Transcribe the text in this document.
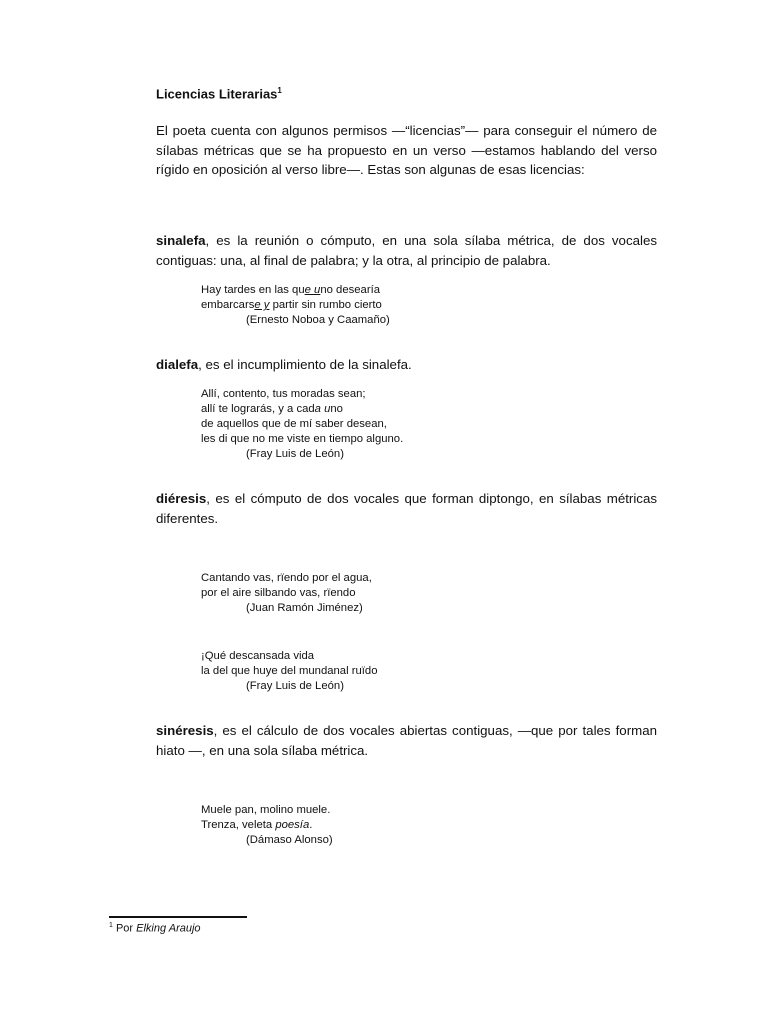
Licencias Literarias$^1$

El poeta cuenta con algunos permisos —“licencias”— para conseguir el número de sílabas métricas que se ha propuesto en un verso —estamos hablando del verso rígido en oposición al verso libre—. Estas son algunas de esas licencias:

sinalefa, es la reunión o cómputo, en una sola sílaba métrica, de dos vocales contiguas: una, al final de palabra; y la otra, al principio de palabra.

Hay tardes en las que uno desearía
embarcarse y partir sin rumbo cierto
(Ernesto Noboa y Caamaño)

dialefa, es el incumplimiento de la sinalefa.

Allí, contento, tus moradas sean;
allí te lograrás, y a cada uno
de aquellos que de mí saber desean,
les di que no me viste en tiempo alguno.
(Fray Luis de León)

diéresis, es el cómputo de dos vocales que forman diptongo, en sílabas métricas diferentes.

Cantando vas, rïendo por el agua,
por el aire silbando vas, rïendo
(Juan Ramón Jiménez)
¡Qué descansada vida
la del que huye del mundanal ruïdo
(Fray Luis de León)

sinéresis, es el cálculo de dos vocales abiertas contiguas, —que por tales forman hiato —, en una sola sílaba métrica.

Muele pan, molino muele.
Trenza, veleta poesía.
(Dámaso Alonso)
$^1$ Por Elking Araujo
